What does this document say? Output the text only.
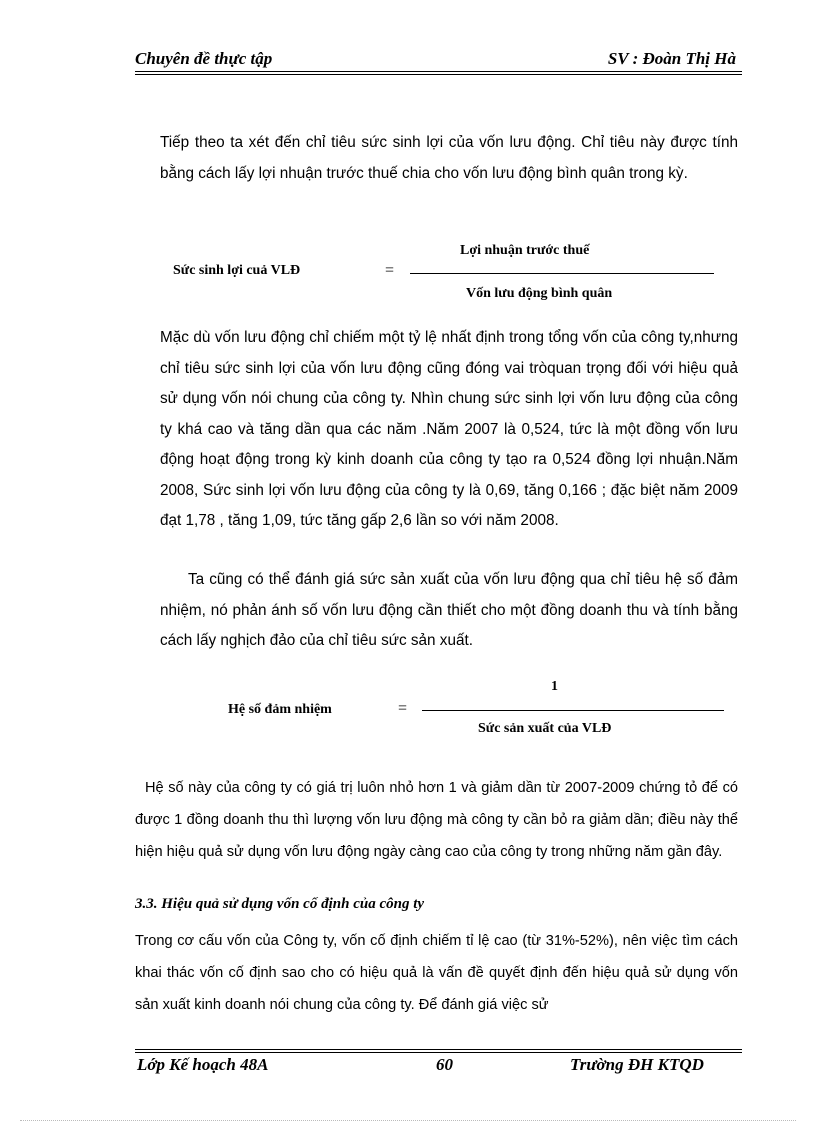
Chuyên đề thực tập	SV : Đoàn Thị Hà
Tiếp theo ta xét đến chỉ tiêu sức sinh lợi của vốn lưu động. Chỉ tiêu này được tính bằng cách lấy lợi nhuận trước thuế chia cho vốn lưu động bình quân trong kỳ.
Sức sinh lợi cuả VLĐ	=
Lợi nhuận trước thuế
Vốn lưu động bình quân
Mặc dù vốn lưu động chỉ chiếm một tỷ lệ nhất định trong tổng vốn của công ty,nhưng chỉ tiêu sức sinh lợi của vốn lưu động cũng đóng vai tròquan trọng đối với hiệu quả sử dụng vốn nói chung của công ty. Nhìn chung sức sinh lợi vốn lưu động của công ty khá cao và tăng dần qua các năm .Năm 2007 là 0,524, tức là một đồng vốn lưu động hoạt động trong kỳ kinh doanh của công ty tạo ra 0,524 đồng lợi nhuận.Năm 2008, Sức sinh lợi vốn lưu động của công ty là 0,69, tăng 0,166 ; đặc biệt năm 2009 đạt 1,78 , tăng 1,09, tức tăng gấp 2,6 lần so với năm 2008.
Ta cũng có thể đánh giá sức sản xuất của vốn lưu động qua chỉ tiêu hệ số đảm nhiệm, nó phản ánh số vốn lưu động cần thiết cho một đồng doanh thu và tính bằng cách lấy nghịch đảo của chỉ tiêu sức sản xuất.
Hệ số đảm nhiệm	=
1
Sức sản xuất của VLĐ
Hệ số này của công ty có giá trị luôn nhỏ hơn 1 và giảm dần từ 2007-2009 chứng tỏ để có được 1 đồng doanh thu thì lượng vốn lưu động mà công ty cần bỏ ra giảm dần; điều này thể hiện hiệu quả sử dụng vốn lưu động ngày càng cao của công ty trong những năm gần đây.
3.3. Hiệu quả sử dụng vốn cố định của công ty
Trong cơ cấu vốn của Công ty, vốn cố định chiếm tỉ lệ cao (từ 31%-52%), nên việc tìm cách khai thác vốn cố định sao cho có hiệu quả là vấn đề quyết định đến hiệu quả sử dụng vốn sản xuất kinh doanh nói chung của công ty. Để đánh giá việc sử
Lớp Kế hoạch 48A	60	Trường ĐH KTQD
